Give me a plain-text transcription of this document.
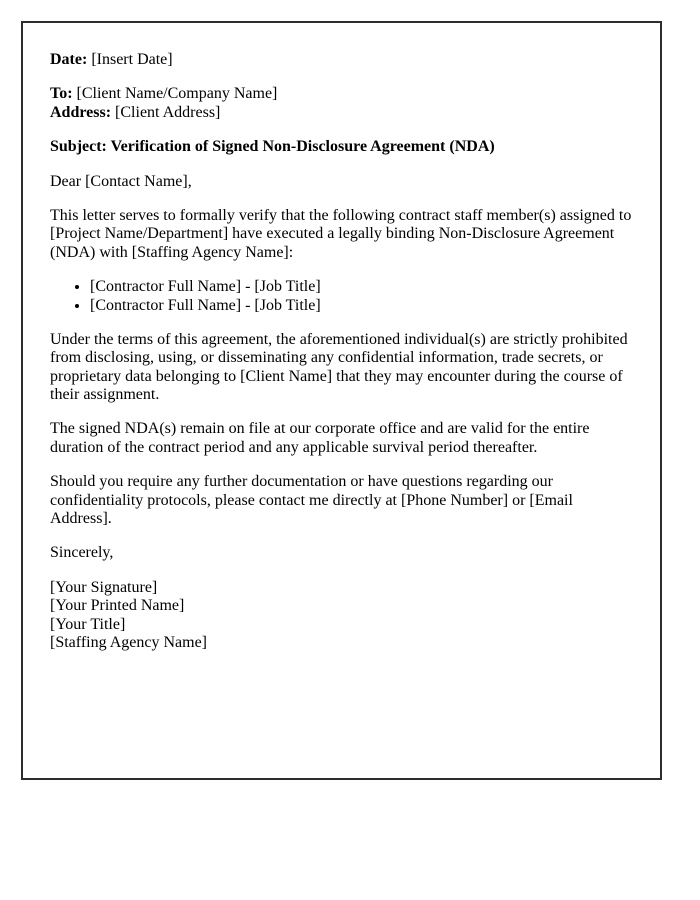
Date: [Insert Date]

To: [Client Name/Company Name]
Address: [Client Address]

Subject: Verification of Signed Non-Disclosure Agreement (NDA)

Dear [Contact Name],

This letter serves to formally verify that the following contract staff member(s) assigned to [Project Name/Department] have executed a legally binding Non-Disclosure Agreement (NDA) with [Staffing Agency Name]:

• [Contractor Full Name] - [Job Title]
• [Contractor Full Name] - [Job Title]

Under the terms of this agreement, the aforementioned individual(s) are strictly prohibited from disclosing, using, or disseminating any confidential information, trade secrets, or proprietary data belonging to [Client Name] that they may encounter during the course of their assignment.

The signed NDA(s) remain on file at our corporate office and are valid for the entire duration of the contract period and any applicable survival period thereafter.

Should you require any further documentation or have questions regarding our confidentiality protocols, please contact me directly at [Phone Number] or [Email Address].

Sincerely,

[Your Signature]
[Your Printed Name]
[Your Title]
[Staffing Agency Name]
